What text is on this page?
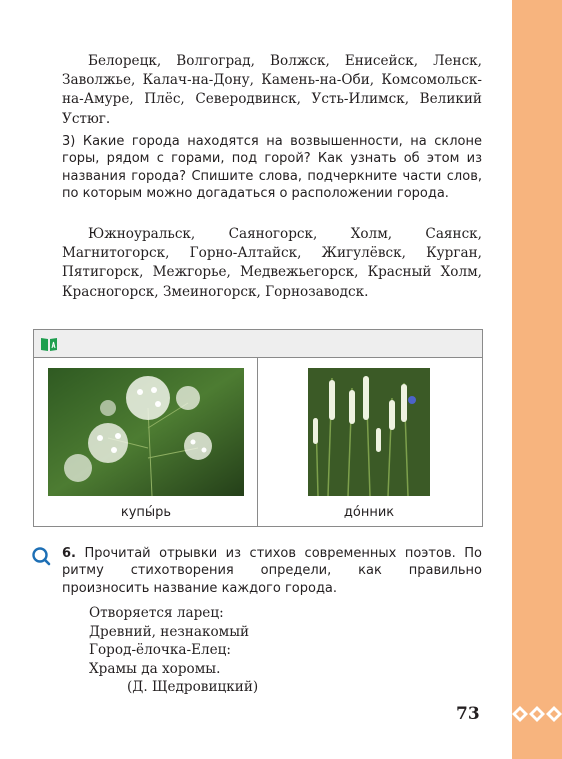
Белорецк, Волгоград, Волжск, Енисейск, Ленск, Заволжье, Калач-на-Дону, Камень-на-Оби, Комсомольск-на-Амуре, Плёс, Северодвинск, Усть-Илимск, Великий Устюг.

3) Какие города находятся на возвышенности, на склоне горы, рядом с горами, под горой? Как узнать об этом из названия города? Спишите слова, подчеркните части слов, по которым можно догадаться о расположении города.

Южноуральск, Саяногорск, Холм, Саянск, Магнитогорск, Горно-Алтайск, Жигулёвск, Курган, Пятигорск, Межгорье, Медвежьегорск, Красный Холм, Красногорск, Змеиногорск, Горнозаводск.

купы́рь	до́нник

6. Прочитай отрывки из стихов современных поэтов. По ритму стихотворения определи, как правильно произносить название каждого города.

Отворяется ларец:
Древний, незнакомый
Город-ёлочка-Елец:
Храмы да хоромы.
(Д. Щедровицкий)
73
